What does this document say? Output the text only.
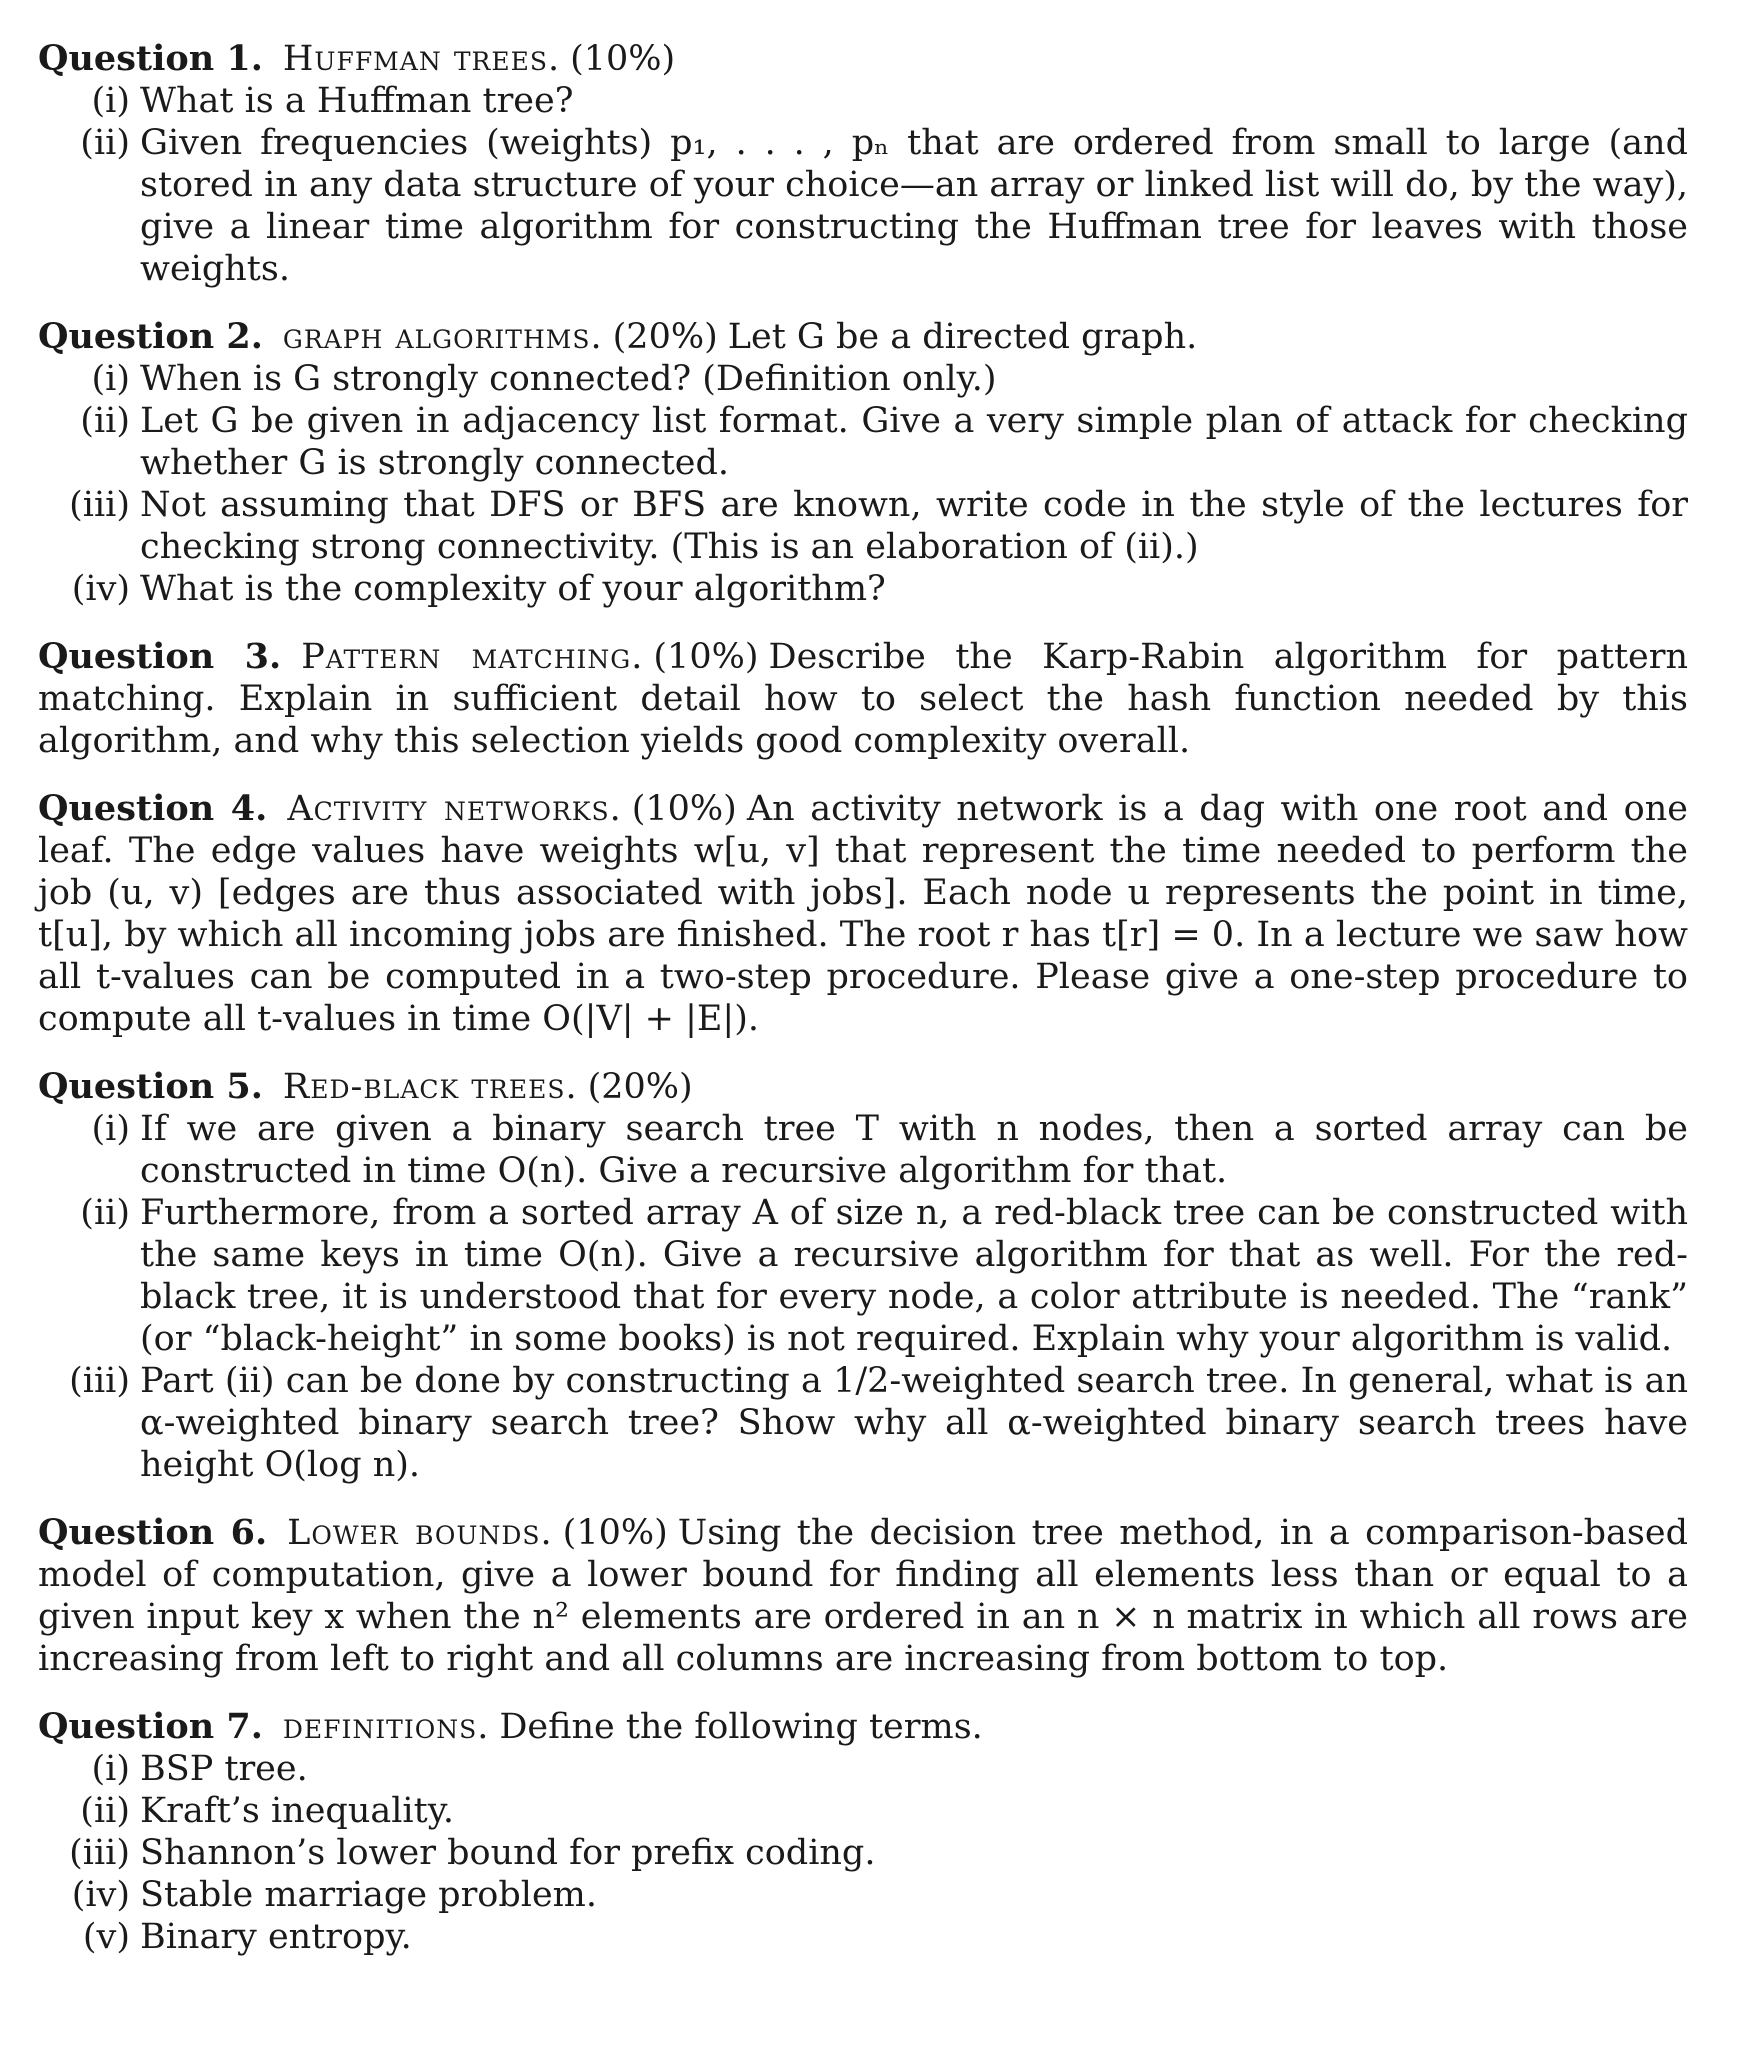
Question 1. Huffman trees. (10%)
(i) What is a Huffman tree?
(ii) Given frequencies (weights) p₁, . . . , pₙ that are ordered from small to large (and stored in any data structure of your choice—an array or linked list will do, by the way), give a linear time algorithm for constructing the Huffman tree for leaves with those weights.
Question 2. graph algorithms. (20%) Let G be a directed graph.
(i) When is G strongly connected? (Definition only.)
(ii) Let G be given in adjacency list format. Give a very simple plan of attack for checking whether G is strongly connected.
(iii) Not assuming that DFS or BFS are known, write code in the style of the lectures for checking strong connectivity. (This is an elaboration of (ii).)
(iv) What is the complexity of your algorithm?
Question 3. Pattern matching. (10%) Describe the Karp-Rabin algorithm for pattern matching. Explain in sufficient detail how to select the hash function needed by this algorithm, and why this selection yields good complexity overall.
Question 4. Activity networks. (10%) An activity network is a dag with one root and one leaf. The edge values have weights w[u, v] that represent the time needed to perform the job (u, v) [edges are thus associated with jobs]. Each node u represents the point in time, t[u], by which all incoming jobs are finished. The root r has t[r] = 0. In a lecture we saw how all t-values can be computed in a two-step procedure. Please give a one-step procedure to compute all t-values in time O(|V| + |E|).
Question 5. Red-black trees. (20%)
(i) If we are given a binary search tree T with n nodes, then a sorted array can be constructed in time O(n). Give a recursive algorithm for that.
(ii) Furthermore, from a sorted array A of size n, a red-black tree can be constructed with the same keys in time O(n). Give a recursive algorithm for that as well. For the red-black tree, it is understood that for every node, a color attribute is needed. The “rank” (or “black-height” in some books) is not required. Explain why your algorithm is valid.
(iii) Part (ii) can be done by constructing a 1/2-weighted search tree. In general, what is an α-weighted binary search tree? Show why all α-weighted binary search trees have height O(log n).
Question 6. Lower bounds. (10%) Using the decision tree method, in a comparison-based model of computation, give a lower bound for finding all elements less than or equal to a given input key x when the n² elements are ordered in an n × n matrix in which all rows are increasing from left to right and all columns are increasing from bottom to top.
Question 7. definitions. Define the following terms.
(i) BSP tree.
(ii) Kraft’s inequality.
(iii) Shannon’s lower bound for prefix coding.
(iv) Stable marriage problem.
(v) Binary entropy.
